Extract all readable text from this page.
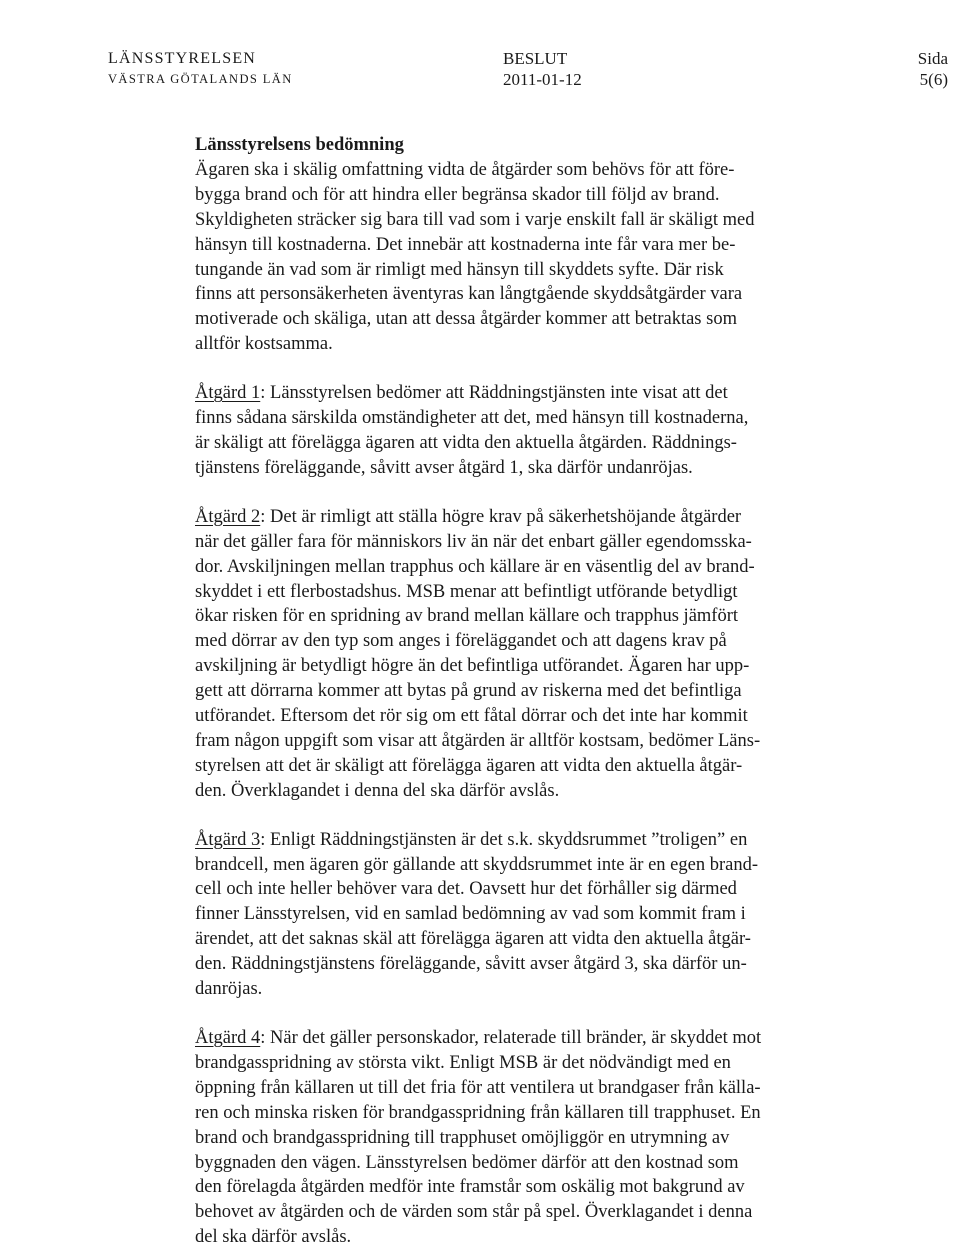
LÄNSSTYRELSEN
VÄSTRA GÖTALANDS LÄN
BESLUT
2011-01-12
Sida
5(6)
Länsstyrelsens bedömning
Ägaren ska i skälig omfattning vidta de åtgärder som behövs för att före-
bygga brand och för att hindra eller begränsa skador till följd av brand.
Skyldigheten sträcker sig bara till vad som i varje enskilt fall är skäligt med
hänsyn till kostnaderna. Det innebär att kostnaderna inte får vara mer be-
tungande än vad som är rimligt med hänsyn till skyddets syfte. Där risk
finns att personsäkerheten äventyras kan långtgående skyddsåtgärder vara
motiverade och skäliga, utan att dessa åtgärder kommer att betraktas som
alltför kostsamma.
Åtgärd 1: Länsstyrelsen bedömer att Räddningstjänsten inte visat att det
finns sådana särskilda omständigheter att det, med hänsyn till kostnaderna,
är skäligt att förelägga ägaren att vidta den aktuella åtgärden. Räddnings-
tjänstens föreläggande, såvitt avser åtgärd 1, ska därför undanröjas.
Åtgärd 2: Det är rimligt att ställa högre krav på säkerhetshöjande åtgärder
när det gäller fara för människors liv än när det enbart gäller egendomsska-
dor. Avskiljningen mellan trapphus och källare är en väsentlig del av brand-
skyddet i ett flerbostadshus. MSB menar att befintligt utförande betydligt
ökar risken för en spridning av brand mellan källare och trapphus jämfört
med dörrar av den typ som anges i föreläggandet och att dagens krav på
avskiljning är betydligt högre än det befintliga utförandet. Ägaren har upp-
gett att dörrarna kommer att bytas på grund av riskerna med det befintliga
utförandet. Eftersom det rör sig om ett fåtal dörrar och det inte har kommit
fram någon uppgift som visar att åtgärden är alltför kostsam, bedömer Läns-
styrelsen att det är skäligt att förelägga ägaren att vidta den aktuella åtgär-
den. Överklagandet i denna del ska därför avslås.
Åtgärd 3: Enligt Räddningstjänsten är det s.k. skyddsrummet ”troligen” en
brandcell, men ägaren gör gällande att skyddsrummet inte är en egen brand-
cell och inte heller behöver vara det. Oavsett hur det förhåller sig därmed
finner Länsstyrelsen, vid en samlad bedömning av vad som kommit fram i
ärendet, att det saknas skäl att förelägga ägaren att vidta den aktuella åtgär-
den. Räddningstjänstens föreläggande, såvitt avser åtgärd 3, ska därför un-
danröjas.
Åtgärd 4: När det gäller personskador, relaterade till bränder, är skyddet mot
brandgasspridning av största vikt. Enligt MSB är det nödvändigt med en
öppning från källaren ut till det fria för att ventilera ut brandgaser från källa-
ren och minska risken för brandgasspridning från källaren till trapphuset. En
brand och brandgasspridning till trapphuset omöjliggör en utrymning av
byggnaden den vägen. Länsstyrelsen bedömer därför att den kostnad som
den förelagda åtgärden medför inte framstår som oskälig mot bakgrund av
behovet av åtgärden och de värden som står på spel. Överklagandet i denna
del ska därför avslås.
